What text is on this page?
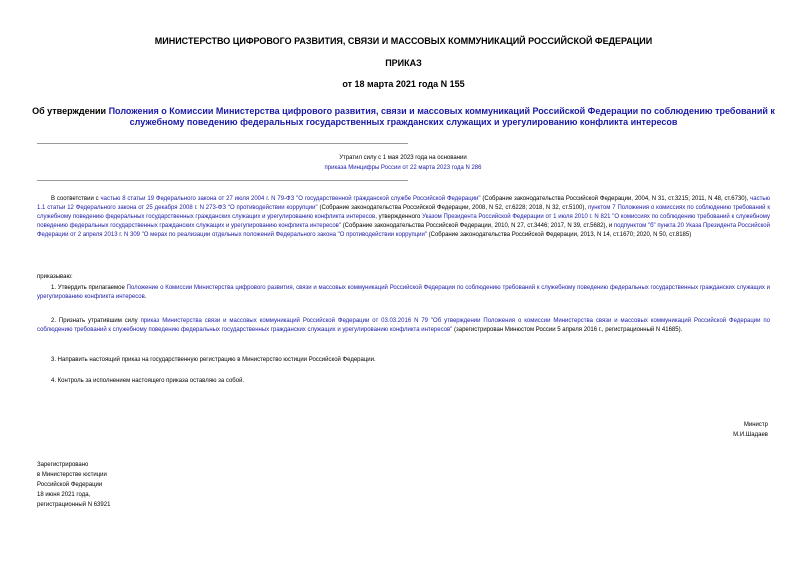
МИНИСТЕРСТВО ЦИФРОВОГО РАЗВИТИЯ, СВЯЗИ И МАССОВЫХ КОММУНИКАЦИЙ РОССИЙСКОЙ ФЕДЕРАЦИИ
ПРИКАЗ
от 18 марта 2021 года N 155
Об утверждении Положения о Комиссии Министерства цифрового развития, связи и массовых коммуникаций Российской Федерации по соблюдению требований к служебному поведению федеральных государственных гражданских служащих и урегулированию конфликта интересов
Утратил силу с 1 мая 2023 года на основании
приказа Минцифры России от 22 марта 2023 года N 286
В соответствии с частью 8 статьи 19 Федерального закона от 27 июля 2004 г. N 79-ФЗ "О государственной гражданской службе Российской Федерации" (Собрание законодательства Российской Федерации, 2004, N 31, ст.3215; 2011, N 48, ст.6730), частью 1.1 статьи 12 Федерального закона от 25 декабря 2008 г. N 273-ФЗ "О противодействии коррупции" (Собрание законодательства Российской Федерации, 2008, N 52, ст.6228; 2018, N 32, ст.5100), пунктом 7 Положения о комиссиях по соблюдению требований к служебному поведению федеральных государственных гражданских служащих и урегулированию конфликта интересов, утвержденного Указом Президента Российской Федерации от 1 июля 2010 г. N 821 "О комиссиях по соблюдению требований к служебному поведению федеральных государственных гражданских служащих и урегулированию конфликта интересов" (Собрание законодательства Российской Федерации, 2010, N 27, ст.3446; 2017, N 39, ст.5682), и подпунктом "б" пункта 20 Указа Президента Российской Федерации от 2 апреля 2013 г. N 309 "О мерах по реализации отдельных положений Федерального закона "О противодействии коррупции" (Собрание законодательства Российской Федерации, 2013, N 14, ст.1670; 2020, N 50, ст.8185)
приказываю:
1. Утвердить прилагаемое Положение о Комиссии Министерства цифрового развития, связи и массовых коммуникаций Российской Федерации по соблюдению требований к служебному поведению федеральных государственных гражданских служащих и урегулированию конфликта интересов.
2. Признать утратившим силу приказ Министерства связи и массовых коммуникаций Российской Федерации от 03.03.2016 N 79 "Об утверждении Положения о комиссии Министерства связи и массовых коммуникаций Российской Федерации по соблюдению требований к служебному поведению федеральных государственных гражданских служащих и урегулированию конфликта интересов" (зарегистрирован Минюстом России 5 апреля 2016 г., регистрационный N 41685).
3. Направить настоящий приказ на государственную регистрацию в Министерство юстиции Российской Федерации.
4. Контроль за исполнением настоящего приказа оставляю за собой.
Министр
М.И.Шадаев
Зарегистрировано
в Министерстве юстиции
Российской Федерации
18 июня 2021 года,
регистрационный N 63921
